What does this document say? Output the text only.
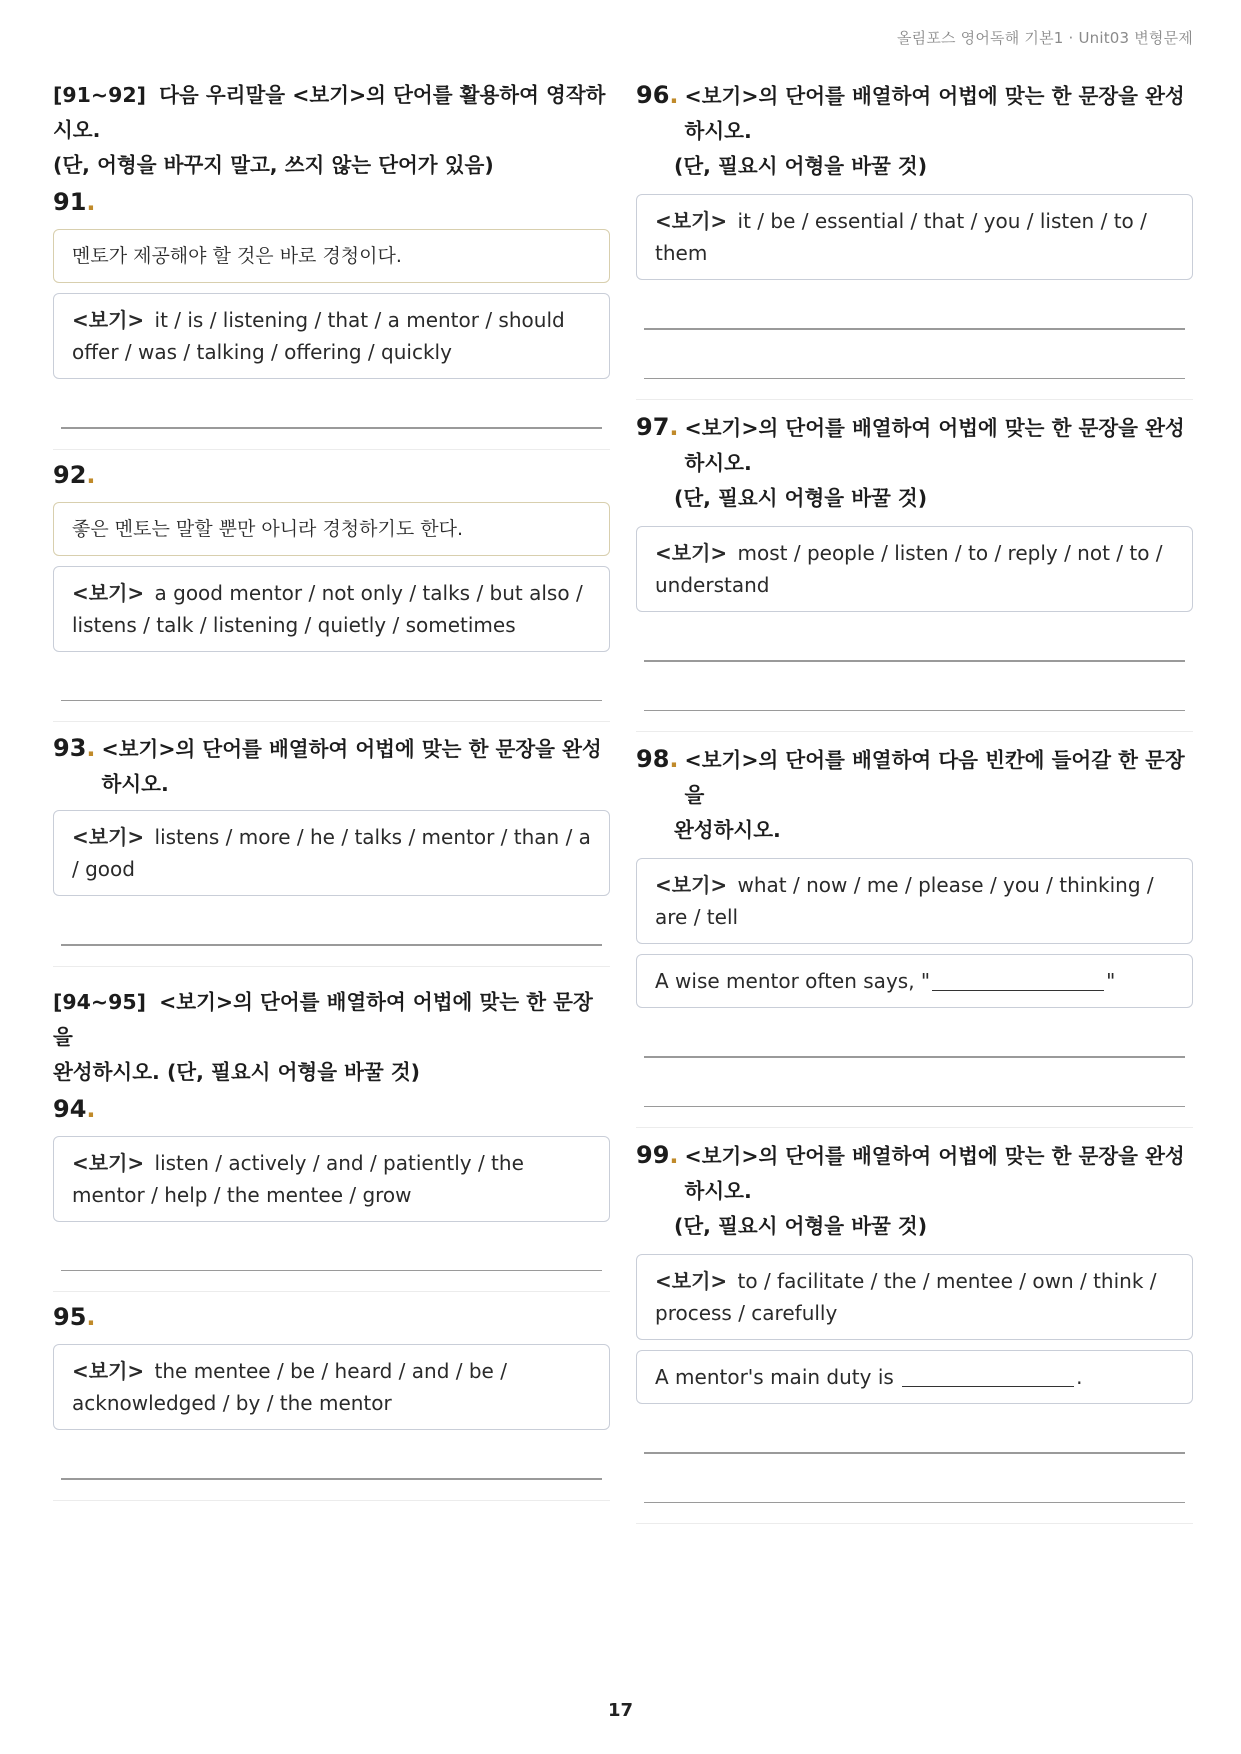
올림포스 영어독해 기본1 · Unit03 변형문제
[91~92] 다음 우리말을 <보기>의 단어를 활용하여 영작하시오.
(단, 어형을 바꾸지 말고, 쓰지 않는 단어가 있음)
91.
멘토가 제공해야 할 것은 바로 경청이다.
<보기> it / is / listening / that / a mentor / should offer / was / talking / offering / quickly
92.
좋은 멘토는 말할 뿐만 아니라 경청하기도 한다.
<보기> a good mentor / not only / talks / but also / listens / talk / listening / quietly / sometimes
93. <보기>의 단어를 배열하여 어법에 맞는 한 문장을 완성하시오.
<보기> listens / more / he / talks / mentor / than / a / good
[94~95] <보기>의 단어를 배열하여 어법에 맞는 한 문장을
완성하시오. (단, 필요시 어형을 바꿀 것)
94.
<보기> listen / actively / and / patiently / the mentor / help / the mentee / grow
95.
<보기> the mentee / be / heard / and / be / acknowledged / by / the mentor
96. <보기>의 단어를 배열하여 어법에 맞는 한 문장을 완성하시오.
(단, 필요시 어형을 바꿀 것)
<보기> it / be / essential / that / you / listen / to / them
97. <보기>의 단어를 배열하여 어법에 맞는 한 문장을 완성하시오.
(단, 필요시 어형을 바꿀 것)
<보기> most / people / listen / to / reply / not / to / understand
98. <보기>의 단어를 배열하여 다음 빈칸에 들어갈 한 문장을
완성하시오.
<보기> what / now / me / please / you / thinking / are / tell
A wise mentor often says, "	"
99. <보기>의 단어를 배열하여 어법에 맞는 한 문장을 완성하시오.
(단, 필요시 어형을 바꿀 것)
<보기> to / facilitate / the / mentee / own / think / process / carefully
A mentor's main duty is	.
17
